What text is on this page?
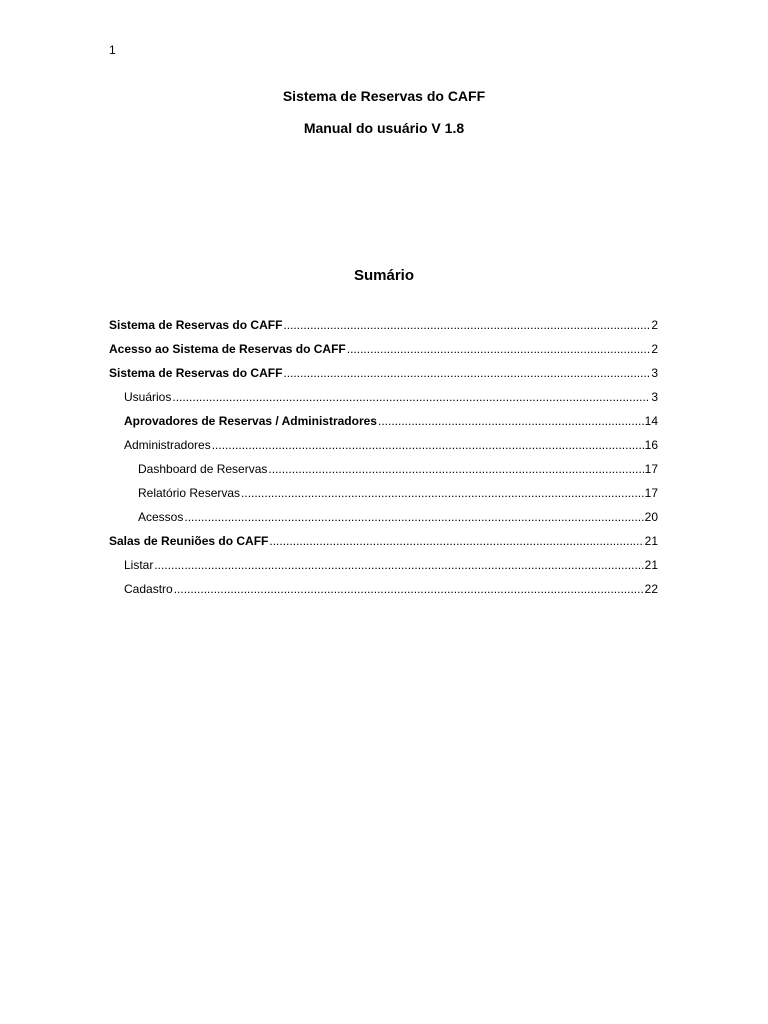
1
Sistema de Reservas do CAFF
Manual do usuário V 1.8
Sumário
Sistema de Reservas do CAFF .....	2
Acesso ao Sistema de Reservas do CAFF .....	2
Sistema de Reservas do CAFF .....	3
Usuários .....	3
Aprovadores de Reservas / Administradores .....	14
Administradores .....	16
Dashboard de Reservas .....	17
Relatório Reservas .....	17
Acessos .....	20
Salas de Reuniões do CAFF .....	21
Listar .....	21
Cadastro .....	22
